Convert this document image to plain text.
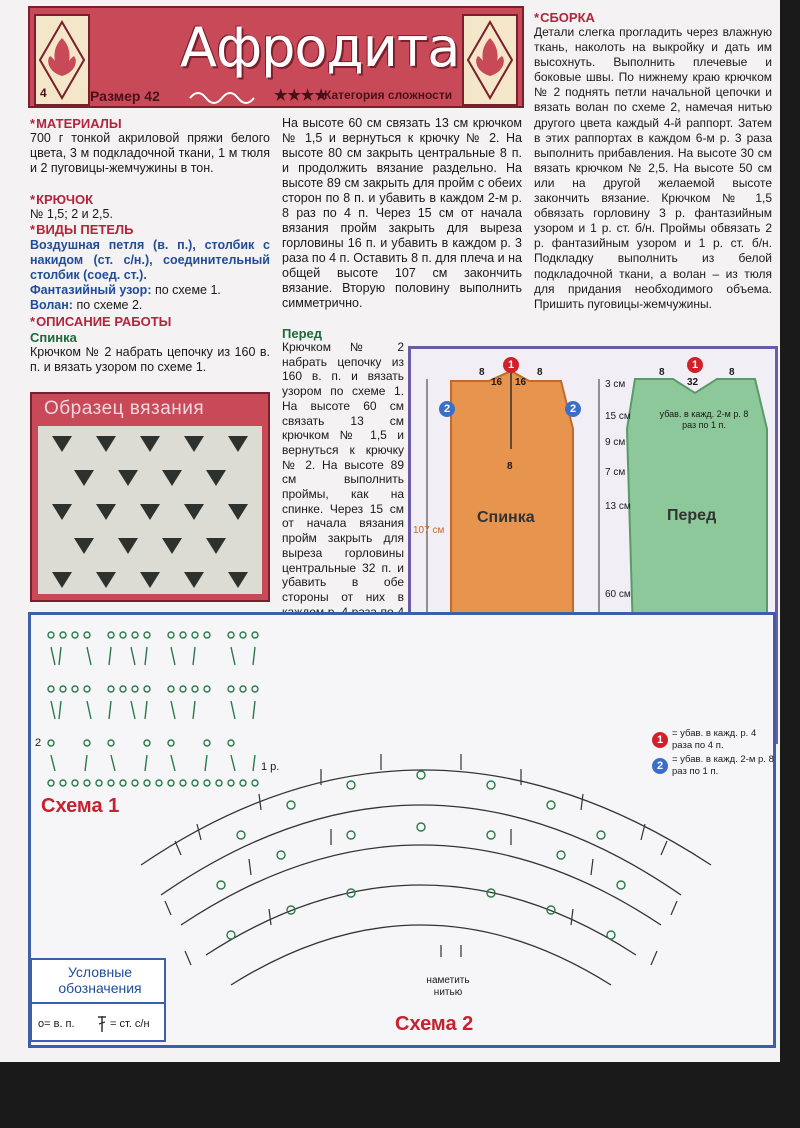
4
Афродита
Размер 42	★★★★
Категория сложности
* МАТЕРИАЛЫ
700 г тонкой акриловой пряжи белого цвета, 3 м подкладочной ткани, 1 м тюля и 2 пуговицы-жемчужины в тон.
* КРЮЧОК
№ 1,5; 2 и 2,5.
* ВИДЫ ПЕТЕЛЬ
Воздушная петля (в. п.), столбик с накидом (ст. с/н.), соединительный столбик (соед. ст.).
Фантазийный узор: по схеме 1.
Волан: по схеме 2.
* ОПИСАНИЕ РАБОТЫ
Спинка
Крючком № 2 набрать цепочку из 160 в. п. и вязать узором по схеме 1.
Образец вязания
На высоте 60 см связать 13 см крючком № 1,5 и вернуться к крючку № 2. На высоте 80 см закрыть центральные 8 п. и продолжить вязание раздельно. На высоте 89 см закрыть для пройм с обеих сторон по 8 п. и убавить в каждом 2-м р. 8 раз по 4 п. Через 15 см от начала вязания пройм закрыть для выреза горловины 16 п. и убавить в каждом р. 3 раза по 4 п. Оставить 8 п. для плеча и на общей высоте 107 см закончить вязание. Вторую половину выполнить симметрично.
Перед
Крючком № 2 набрать цепочку из 160 в. п. и вязать узором по схеме 1. На высоте 60 см связать 13 см крючком № 1,5 и вернуться к крючку № 2. На высоте 89 см выполнить проймы, как на спинке. Через 15 см от начала вязания пройм закрыть для выреза горловины центральные 32 п. и убавить в обе стороны от них в
* СБОРКА
Детали слегка прогладить через влажную ткань, наколоть на выкройку и дать им высохнуть. Выполнить плечевые и боковые швы. По нижнему краю крючком № 2 поднять петли начальной цепочки и вязать волан по схеме 2, намечая нитью другого цвета каждый 4-й раппорт. Затем в этих раппортах в каждом 6-м р. 3 раза выполнить прибавления. На высоте 30 см вязать крючком № 2,5. На высоте 50 см или на другой желаемой высоте закончить вязание. Крючком № 1,5 обвязать горловину 3 р. фантазийным узором и 1 р. ст. б/н. Проймы обвязать 2 р. фантазийным узором и 1 р. ст. б/н. Подкладку выполнить из белой подкладочной ткани, а волан – из тюля для придания необходимого объема. Пришить пуговицы-жемчужины.
1	1
2	2
8
16 16
8
8
8
32
8
3 см
15 см
9 см
7 см
13 см
60 см
107 см
Спинка	Перед
убав. в кажд. 2-м р. 8 раз по 1 п.
1 р.
2
Схема 1
наметить нитью
Схема 2
1
= убав. в кажд. р. 4 раза по 4 п.
2
= убав. в кажд. 2-м р. 8 раз по 1 п.
Условные обозначения
о= в. п.	= ст. с/н
